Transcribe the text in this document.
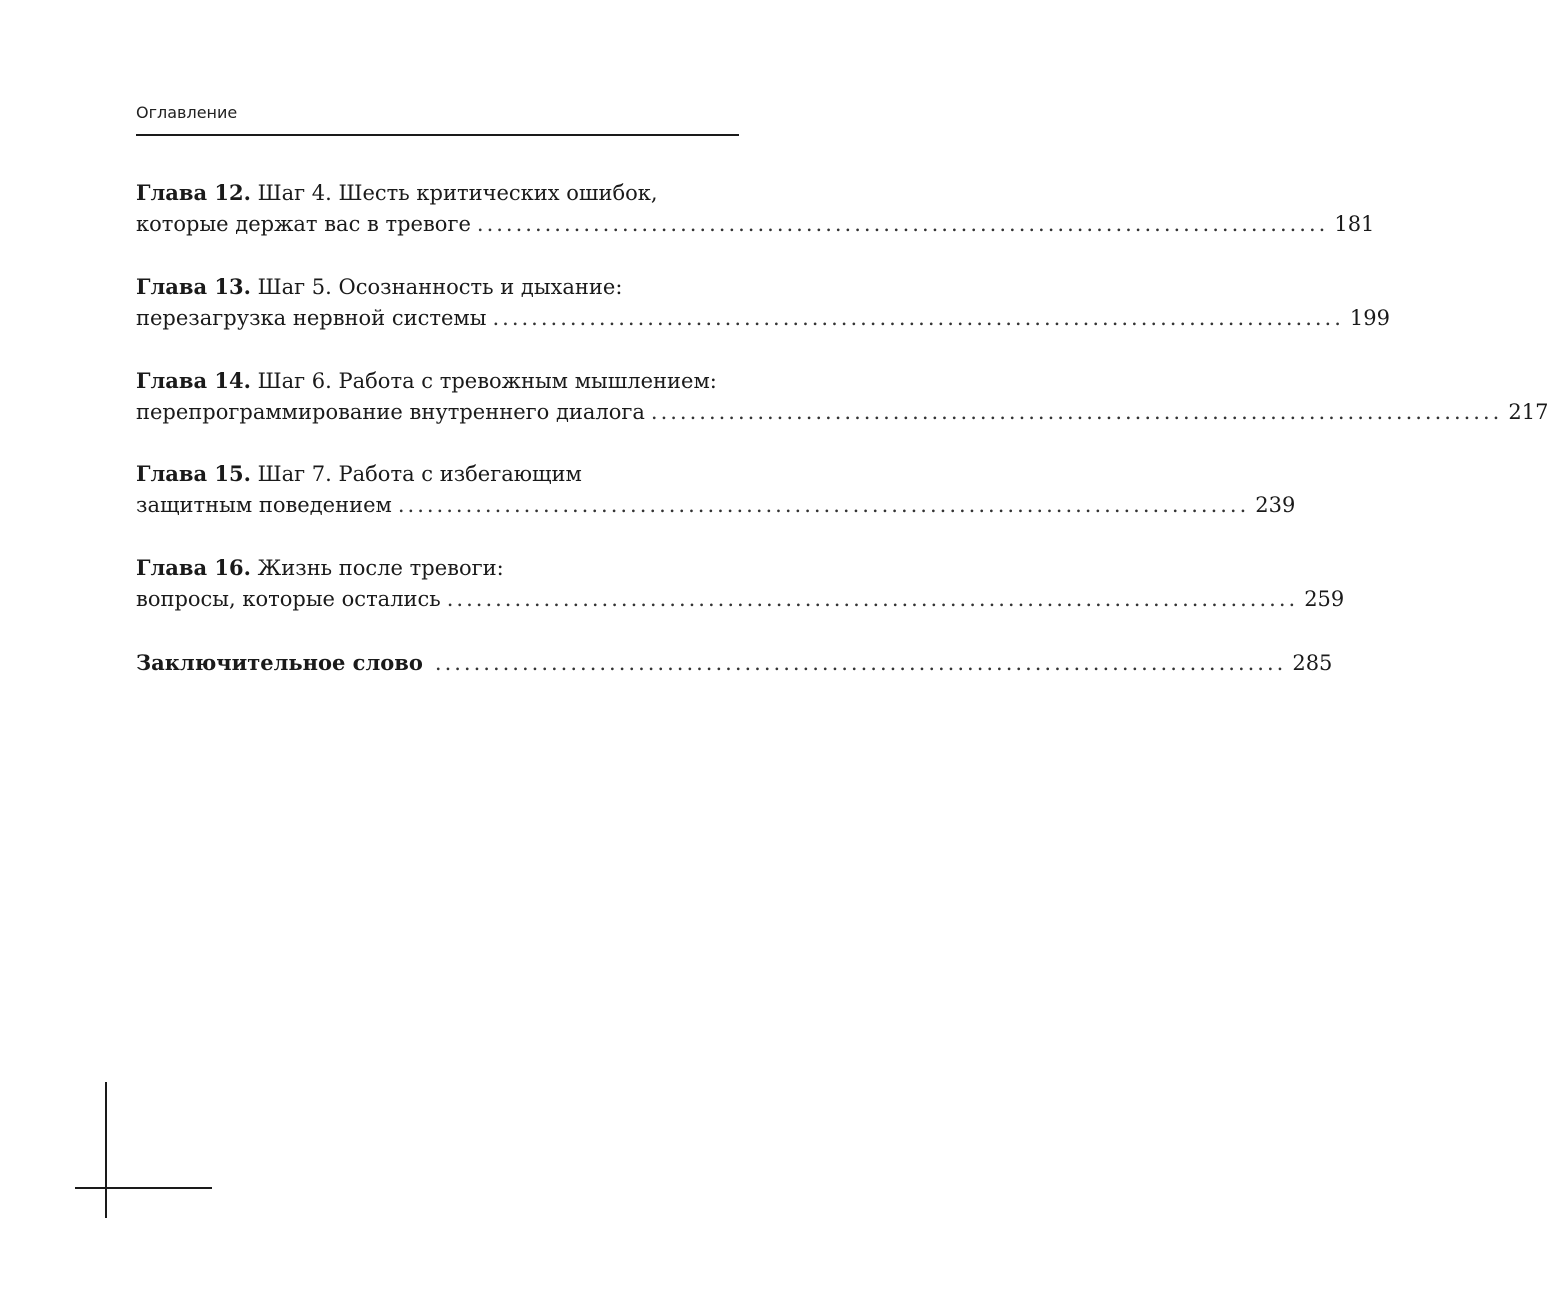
Оглавление
Глава 12. Шаг 4. Шесть критических ошибок,
которые держат вас в тревоге ........................................................................................ 181
Глава 13. Шаг 5. Осознанность и дыхание:
перезагрузка нервной системы ........................................................................................ 199
Глава 14. Шаг 6. Работа с тревожным мышлением:
перепрограммирование внутреннего диалога ........................................................................................ 217
Глава 15. Шаг 7. Работа с избегающим
защитным поведением ........................................................................................ 239
Глава 16. Жизнь после тревоги:
вопросы, которые остались ........................................................................................ 259
Заключительное слово ........................................................................................ 285
